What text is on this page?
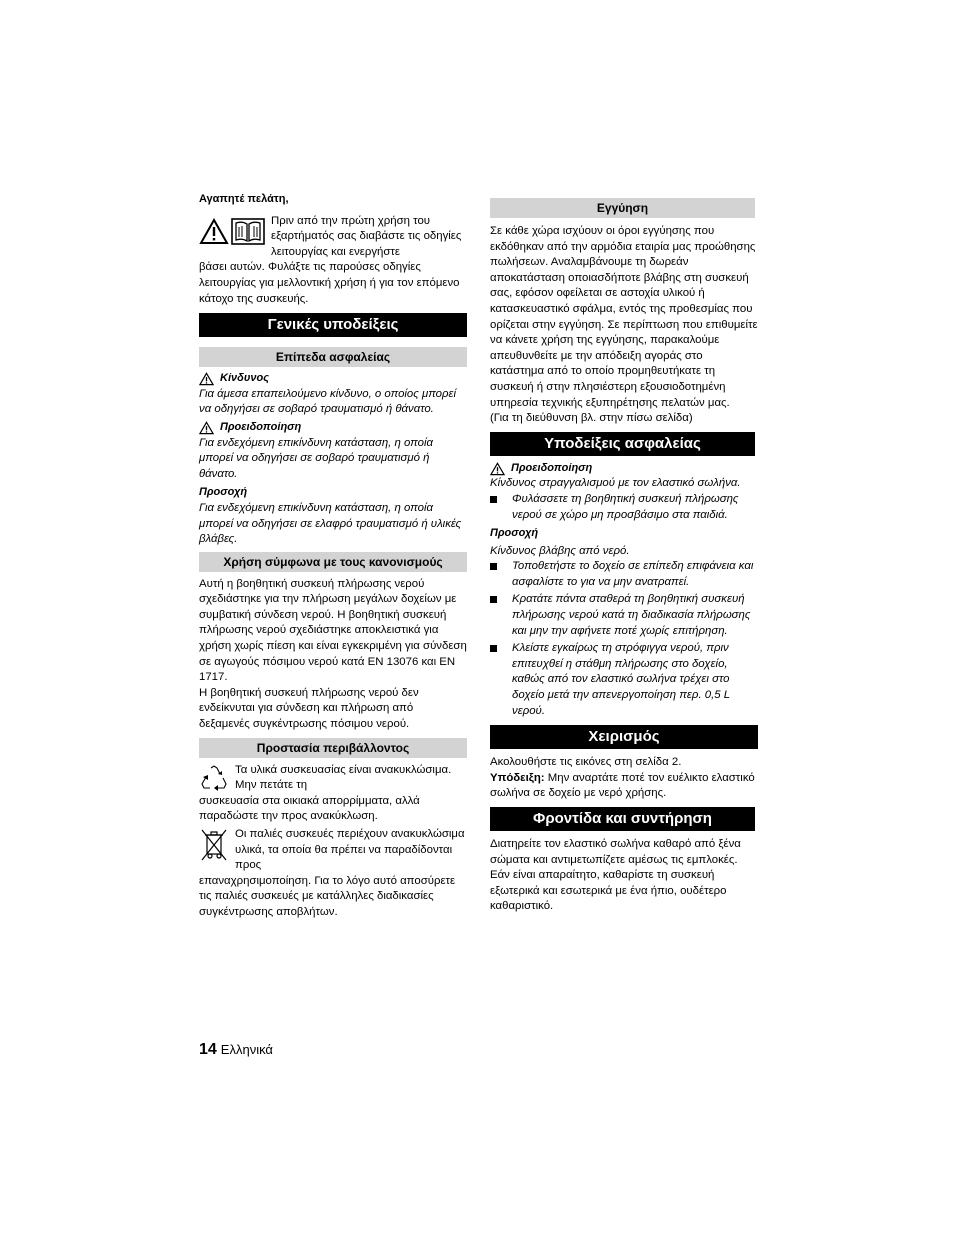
Αγαπητέ πελάτη,

Πριν από την πρώτη χρήση του εξαρτήματός σας διαβάστε τις οδηγίες λειτουργίας και ενεργήστε

βάσει αυτών. Φυλάξτε τις παρούσες οδηγίες λειτουργίας για μελλοντική χρήση ή για τον επόμενο κάτοχο της συσκευής.

Γενικές υποδείξεις
Επίπεδα ασφαλείας
Κίνδυνος

Για άμεσα επαπειλούμενο κίνδυνο, ο οποίος μπορεί να οδηγήσει σε σοβαρό τραυματισμό ή θάνατο.

Προειδοποίηση

Για ενδεχόμενη επικίνδυνη κατάσταση, η οποία μπορεί να οδηγήσει σε σοβαρό τραυματισμό ή θάνατο.

Προσοχή

Για ενδεχόμενη επικίνδυνη κατάσταση, η οποία μπορεί να οδηγήσει σε ελαφρό τραυματισμό ή υλικές βλάβες.

Χρήση σύμφωνα με τους κανονισμούς

Αυτή η βοηθητική συσκευή πλήρωσης νερού σχεδιάστηκε για την πλήρωση μεγάλων δοχείων με συμβατική σύνδεση νερού. Η βοηθητική συσκευή πλήρωσης νερού σχεδιάστηκε αποκλειστικά για χρήση χωρίς πίεση και είναι εγκεκριμένη για σύνδεση σε αγωγούς πόσιμου νερού κατά EN 13076 και EN 1717.

Η βοηθητική συσκευή πλήρωσης νερού δεν ενδείκνυται για σύνδεση και πλήρωση από δεξαμενές συγκέντρωσης πόσιμου νερού.

Προστασία περιβάλλοντος

Τα υλικά συσκευασίας είναι ανακυκλώσιμα. Μην πετάτε τη

συσκευασία στα οικιακά απορρίμματα, αλλά παραδώστε την προς ανακύκλωση.

Οι παλιές συσκευές περιέχουν ανακυκλώσιμα υλικά, τα οποία θα πρέπει να παραδίδονται προς

επαναχρησιμοποίηση. Για το λόγο αυτό αποσύρετε τις παλιές συσκευές με κατάλληλες διαδικασίες συγκέντρωσης αποβλήτων.

Εγγύηση

Σε κάθε χώρα ισχύουν οι όροι εγγύησης που εκδόθηκαν από την αρμόδια εταιρία μας προώθησης πωλήσεων. Αναλαμβάνουμε τη δωρεάν αποκατάσταση οποιασδήποτε βλάβης στη συσκευή σας, εφόσον οφείλεται σε αστοχία υλικού ή κατασκευαστικό σφάλμα, εντός της προθεσμίας που ορίζεται στην εγγύηση. Σε περίπτωση που επιθυμείτε να κάνετε χρήση της εγγύησης, παρακαλούμε απευθυνθείτε με την απόδειξη αγοράς στο κατάστημα από το οποίο προμηθευτήκατε τη συσκευή ή στην πλησιέστερη εξουσιοδοτημένη υπηρεσία τεχνικής εξυπηρέτησης πελατών μας.

(Για τη διεύθυνση βλ. στην πίσω σελίδα)

Υποδείξεις ασφαλείας
Προειδοποίηση

Κίνδυνος στραγγαλισμού με τον ελαστικό σωλήνα.

Φυλάσσετε τη βοηθητική συσκευή πλήρωσης νερού σε χώρο μη προσβάσιμο στα παιδιά.

Προσοχή

Κίνδυνος βλάβης από νερό.

Τοποθετήστε το δοχείο σε επίπεδη επιφάνεια και ασφαλίστε το για να μην ανατραπεί.
Κρατάτε πάντα σταθερά τη βοηθητική συσκευή πλήρωσης νερού κατά τη διαδικασία πλήρωσης και μην την αφήνετε ποτέ χωρίς επιτήρηση.
Κλείστε εγκαίρως τη στρόφιγγα νερού, πριν επιτευχθεί η στάθμη πλήρωσης στο δοχείο, καθώς από τον ελαστικό σωλήνα τρέχει στο δοχείο μετά την απενεργοποίηση περ. 0,5 L νερού.
Χειρισμός

Ακολουθήστε τις εικόνες στη σελίδα 2.

Υπόδειξη: Μην αναρτάτε ποτέ τον ευέλικτο ελαστικό σωλήνα σε δοχείο με νερό χρήσης.

Φροντίδα και συντήρηση

Διατηρείτε τον ελαστικό σωλήνα καθαρό από ξένα σώματα και αντιμετωπίζετε αμέσως τις εμπλοκές.

Εάν είναι απαραίτητο, καθαρίστε τη συσκευή εξωτερικά και εσωτερικά με ένα ήπιο, ουδέτερο καθαριστικό.

14 Ελληνικά
